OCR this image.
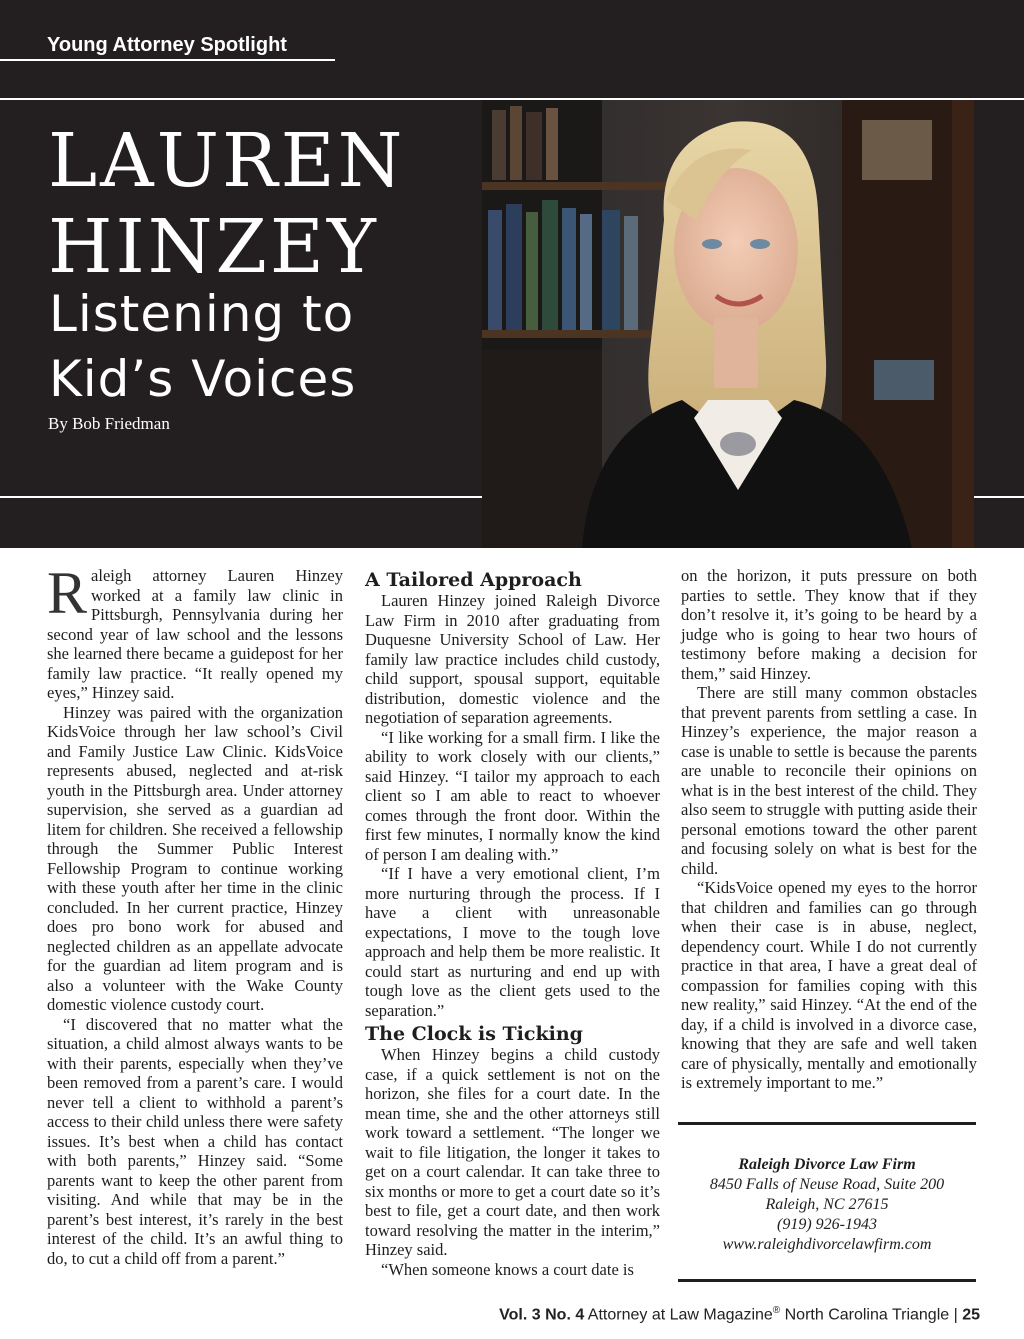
Young Attorney Spotlight
LAUREN
HINZEY
Listening to
Kid’s Voices
By Bob Friedman

Raleigh attorney Lauren Hinzey worked at a family law clinic in Pittsburgh, Pennsylvania during her second year of law school and the lessons she learned there became a guidepost for her family law practice. “It really opened my eyes,” Hinzey said.

Hinzey was paired with the organization KidsVoice through her law school’s Civil and Family Justice Law Clinic. KidsVoice represents abused, neglected and at-risk youth in the Pittsburgh area. Under attorney supervision, she served as a guardian ad litem for children. She received a fellowship through the Summer Public Interest Fellowship Program to continue working with these youth after her time in the clinic concluded. In her current practice, Hinzey does pro bono work for abused and neglected children as an appellate advocate for the guardian ad litem program and is also a volunteer with the Wake County domestic violence custody court.

“I discovered that no matter what the situation, a child almost always wants to be with their parents, especially when they’ve been removed from a parent’s care. I would never tell a client to withhold a parent’s access to their child unless there were safety issues. It’s best when a child has contact with both parents,” Hinzey said. “Some parents want to keep the other parent from visiting. And while that may be in the parent’s best interest, it’s rarely in the best interest of the child. It’s an awful thing to do, to cut a child off from a parent.”

A Tailored Approach

Lauren Hinzey joined Raleigh Divorce Law Firm in 2010 after graduating from Duquesne University School of Law. Her family law practice includes child custody, child support, spousal support, equitable distribution, domestic violence and the negotiation of separation agreements.

“I like working for a small firm. I like the ability to work closely with our clients,” said Hinzey. “I tailor my approach to each client so I am able to react to whoever comes through the front door. Within the first few minutes, I normally know the kind of person I am dealing with.”

“If I have a very emotional client, I’m more nurturing through the process. If I have a client with unreasonable expectations, I move to the tough love approach and help them be more realistic. It could start as nurturing and end up with tough love as the client gets used to the separation.”

The Clock is Ticking

When Hinzey begins a child custody case, if a quick settlement is not on the horizon, she files for a court date. In the mean time, she and the other attorneys still work toward a settlement. “The longer we wait to file litigation, the longer it takes to get on a court calendar. It can take three to six months or more to get a court date so it’s best to file, get a court date, and then work toward resolving the matter in the interim,” Hinzey said.

“When someone knows a court date is

on the horizon, it puts pressure on both parties to settle. They know that if they don’t resolve it, it’s going to be heard by a judge who is going to hear two hours of testimony before making a decision for them,” said Hinzey.

There are still many common obstacles that prevent parents from settling a case. In Hinzey’s experience, the major reason a case is unable to settle is because the parents are unable to reconcile their opinions on what is in the best interest of the child. They also seem to struggle with putting aside their personal emotions toward the other parent and focusing solely on what is best for the child.

“KidsVoice opened my eyes to the horror that children and families can go through when their case is in abuse, neglect, dependency court. While I do not currently practice in that area, I have a great deal of compassion for families coping with this new reality,” said Hinzey. “At the end of the day, if a child is involved in a divorce case, knowing that they are safe and well taken care of physically, mentally and emotionally is extremely important to me.”

Raleigh Divorce Law Firm
8450 Falls of Neuse Road, Suite 200
Raleigh, NC 27615
(919) 926-1943
www.raleighdivorcelawfirm.com
Vol. 3 No. 4 Attorney at Law Magazine® North Carolina Triangle | 25
